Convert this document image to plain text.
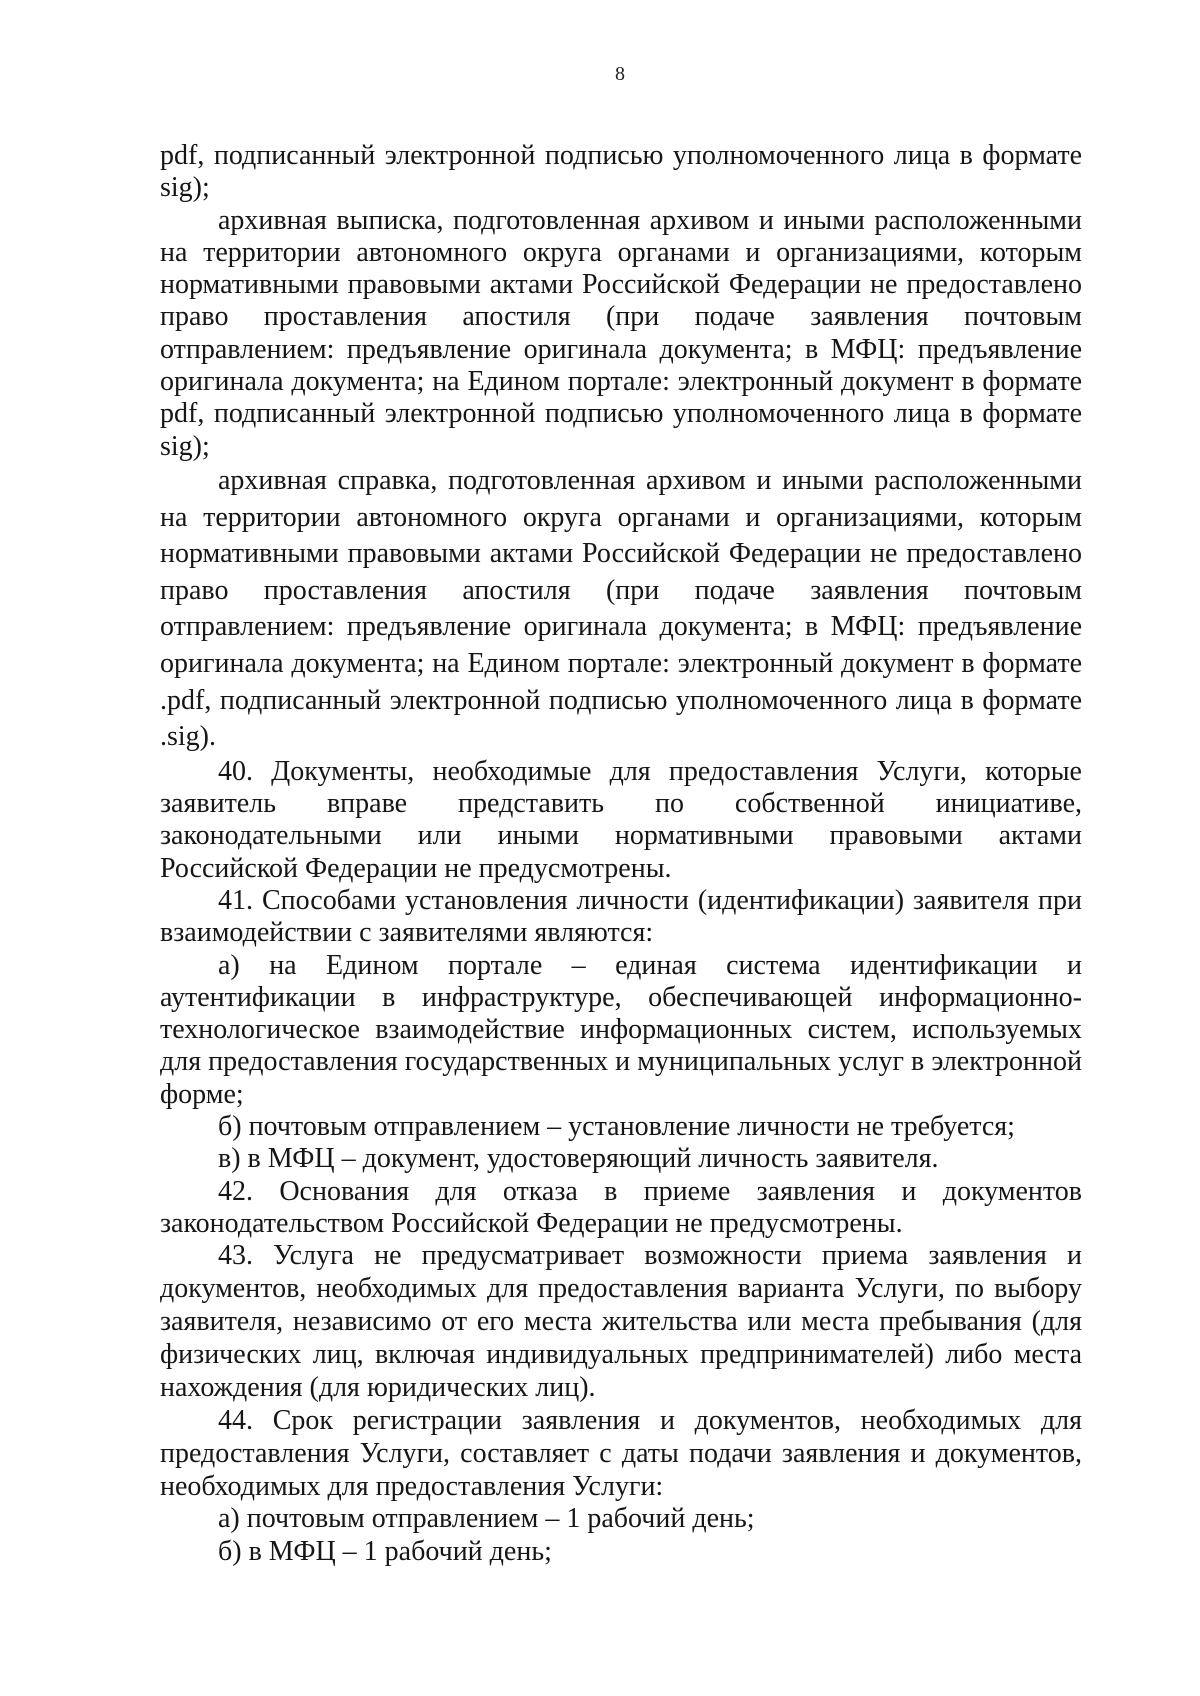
8

pdf, подписанный электронной подписью уполномоченного лица в формате sig);

архивная выписка, подготовленная архивом и иными расположенными на территории автономного округа органами и организациями, которым нормативными правовыми актами Российской Федерации не предоставлено право проставления апостиля (при подаче заявления почтовым отправлением: предъявление оригинала документа; в МФЦ: предъявление оригинала документа; на Едином портале: электронный документ в формате pdf, подписанный электронной подписью уполномоченного лица в формате sig);

архивная справка, подготовленная архивом и иными расположенными на территории автономного округа органами и организациями, которым нормативными правовыми актами Российской Федерации не предоставлено право проставления апостиля (при подаче заявления почтовым отправлением: предъявление оригинала документа; в МФЦ: предъявление оригинала документа; на Едином портале: электронный документ в формате .pdf, подписанный электронной подписью уполномоченного лица в формате .sig).

40. Документы, необходимые для предоставления Услуги, которые заявитель вправе представить по собственной инициативе, законодательными или иными нормативными правовыми актами Российской Федерации не предусмотрены.

41. Способами установления личности (идентификации) заявителя при взаимодействии с заявителями являются:

а) на Едином портале – единая система идентификации и аутентификации в инфраструктуре, обеспечивающей информационно-технологическое взаимодействие информационных систем, используемых для предоставления государственных и муниципальных услуг в электронной форме;

б) почтовым отправлением – установление личности не требуется;

в) в МФЦ – документ, удостоверяющий личность заявителя.

42. Основания для отказа в приеме заявления и документов законодательством Российской Федерации не предусмотрены.

43. Услуга не предусматривает возможности приема заявления и документов, необходимых для предоставления варианта Услуги, по выбору заявителя, независимо от его места жительства или места пребывания (для физических лиц, включая индивидуальных предпринимателей) либо места нахождения (для юридических лиц).

44. Срок регистрации заявления и документов, необходимых для предоставления Услуги, составляет с даты подачи заявления и документов, необходимых для предоставления Услуги:

а) почтовым отправлением – 1 рабочий день;

б) в МФЦ – 1 рабочий день;
